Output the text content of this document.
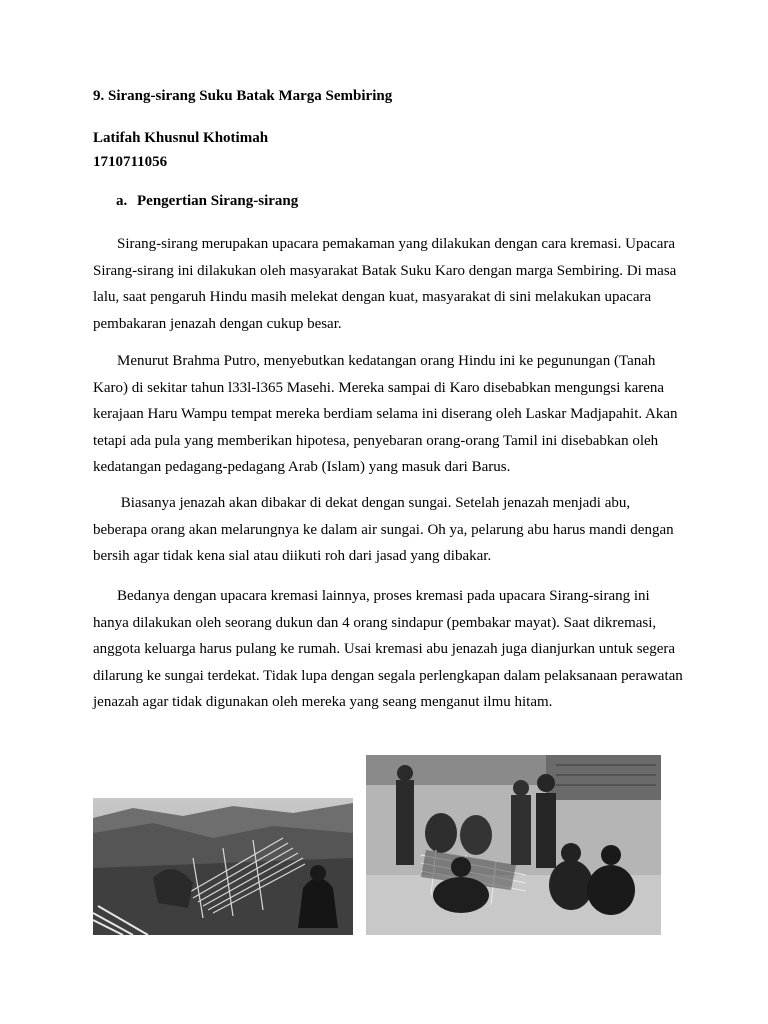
9. Sirang-sirang Suku Batak Marga Sembiring
Latifah Khusnul Khotimah
1710711056
a. Pengertian Sirang-sirang

Sirang-sirang merupakan upacara pemakaman yang dilakukan dengan cara kremasi. Upacara Sirang-sirang ini dilakukan oleh masyarakat Batak Suku Karo dengan marga Sembiring. Di masa lalu, saat pengaruh Hindu masih melekat dengan kuat, masyarakat di sini melakukan upacara pembakaran jenazah dengan cukup besar.

Menurut Brahma Putro, menyebutkan kedatangan orang Hindu ini ke pegunungan (Tanah Karo) di sekitar tahun l33l-l365 Masehi. Mereka sampai di Karo disebabkan mengungsi karena kerajaan Haru Wampu tempat mereka berdiam selama ini diserang oleh Laskar Madjapahit. Akan tetapi ada pula yang memberikan hipotesa, penyebaran orang-orang Tamil ini disebabkan oleh kedatangan pedagang-pedagang Arab (Islam) yang masuk dari Barus.

Biasanya jenazah akan dibakar di dekat dengan sungai. Setelah jenazah menjadi abu, beberapa orang akan melarungnya ke dalam air sungai. Oh ya, pelarung abu harus mandi dengan bersih agar tidak kena sial atau diikuti roh dari jasad yang dibakar.

Bedanya dengan upacara kremasi lainnya, proses kremasi pada upacara Sirang-sirang ini hanya dilakukan oleh seorang dukun dan 4 orang sindapur (pembakar mayat). Saat dikremasi, anggota keluarga harus pulang ke rumah. Usai kremasi abu jenazah juga dianjurkan untuk segera dilarung ke sungai terdekat. Tidak lupa dengan segala perlengkapan dalam pelaksanaan perawatan jenazah agar tidak digunakan oleh mereka yang seang menganut ilmu hitam.
